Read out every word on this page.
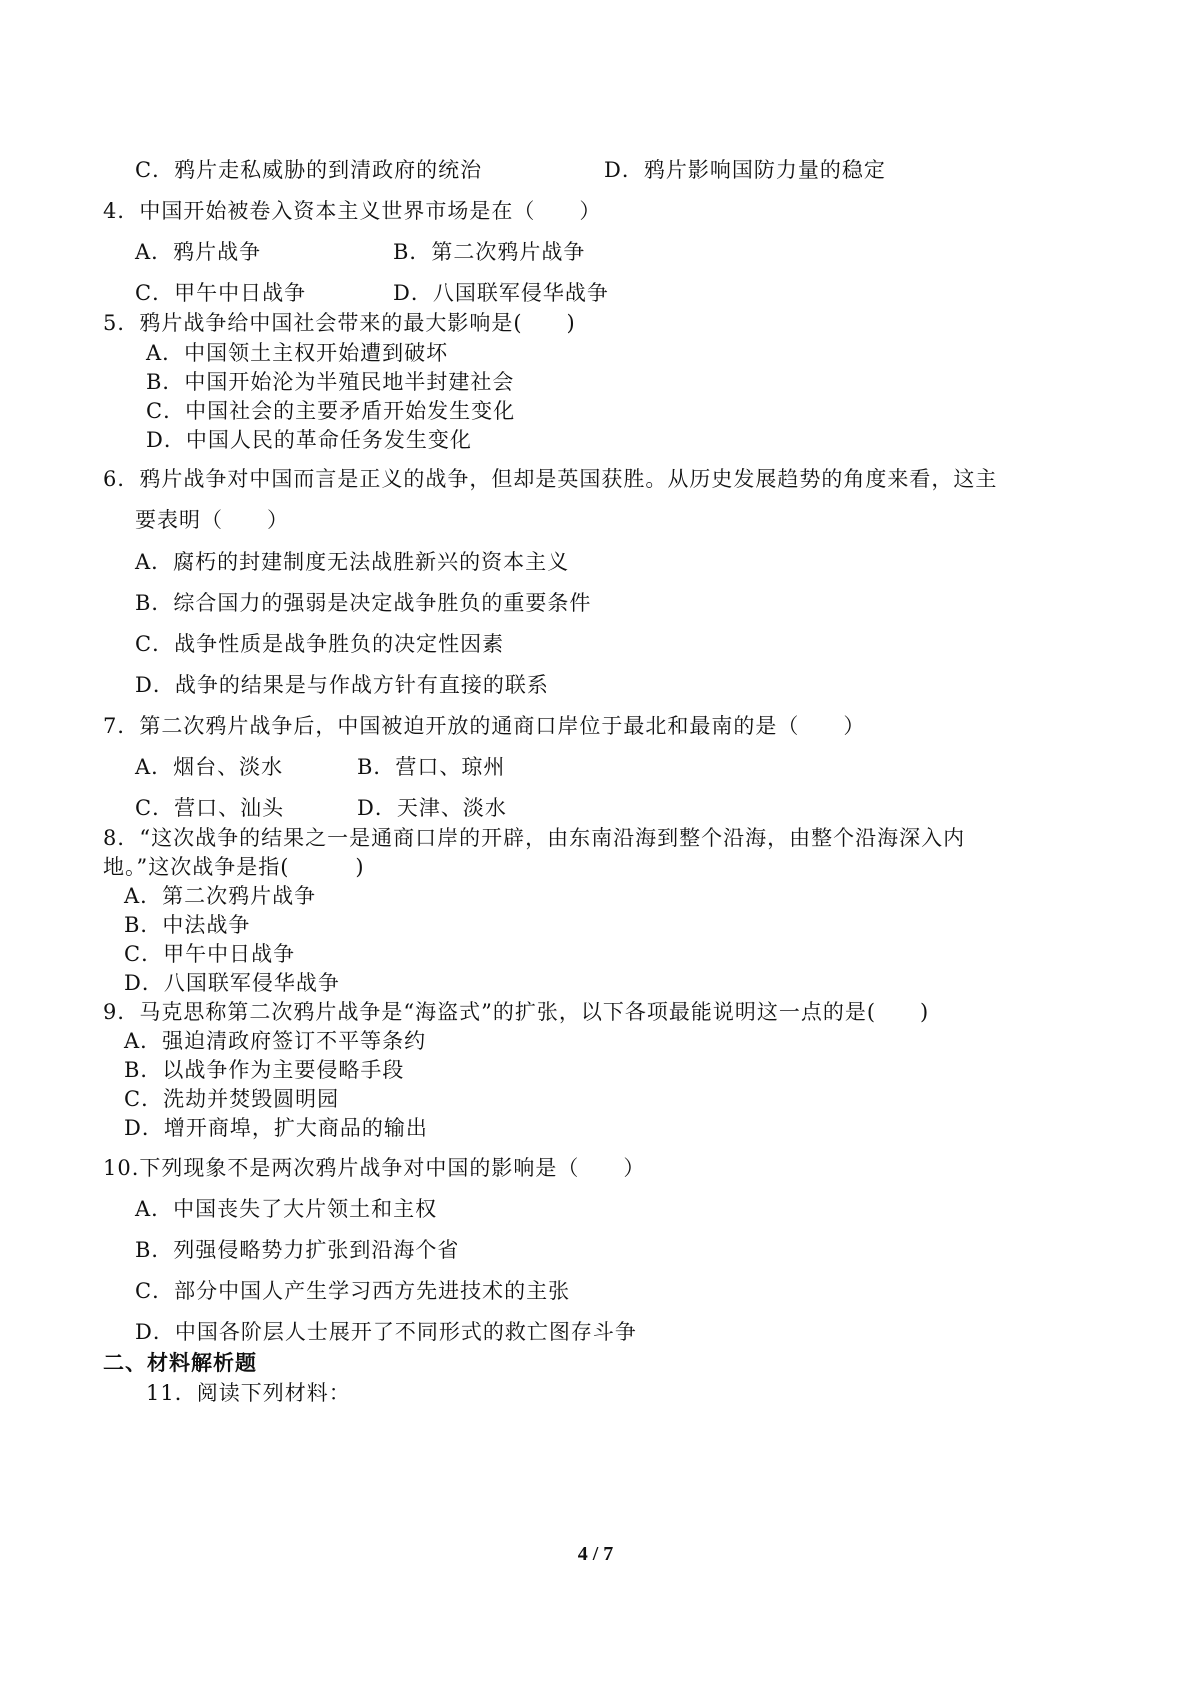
C．鸦片走私威胁的到清政府的统治	D．鸦片影响国防力量的稳定
4．中国开始被卷入资本主义世界市场是在（　　）
A．鸦片战争	B．第二次鸦片战争
C．甲午中日战争	D．八国联军侵华战争
5．鸦片战争给中国社会带来的最大影响是(　　)
A．中国领土主权开始遭到破坏
B．中国开始沦为半殖民地半封建社会
C．中国社会的主要矛盾开始发生变化
D．中国人民的革命任务发生变化
6．鸦片战争对中国而言是正义的战争，但却是英国获胜。从历史发展趋势的角度来看，这主
要表明（　　）
A．腐朽的封建制度无法战胜新兴的资本主义
B．综合国力的强弱是决定战争胜负的重要条件
C．战争性质是战争胜负的决定性因素
D．战争的结果是与作战方针有直接的联系
7．第二次鸦片战争后，中国被迫开放的通商口岸位于最北和最南的是（　　）
A．烟台、淡水	B．营口、琼州
C．营口、汕头	D．天津、淡水
8．“这次战争的结果之一是通商口岸的开辟，由东南沿海到整个沿海，由整个沿海深入内
地。”这次战争是指(　　　)
A．第二次鸦片战争
B．中法战争
C．甲午中日战争
D．八国联军侵华战争
9．马克思称第二次鸦片战争是“海盗式”的扩张，以下各项最能说明这一点的是(　　)
A．强迫清政府签订不平等条约
B．以战争作为主要侵略手段
C．洗劫并焚毁圆明园
D．增开商埠，扩大商品的输出
10.下列现象不是两次鸦片战争对中国的影响是（　　）
A．中国丧失了大片领土和主权
B．列强侵略势力扩张到沿海个省
C．部分中国人产生学习西方先进技术的主张
D．中国各阶层人士展开了不同形式的救亡图存斗争
二、材料解析题
11．阅读下列材料：
4 / 7
